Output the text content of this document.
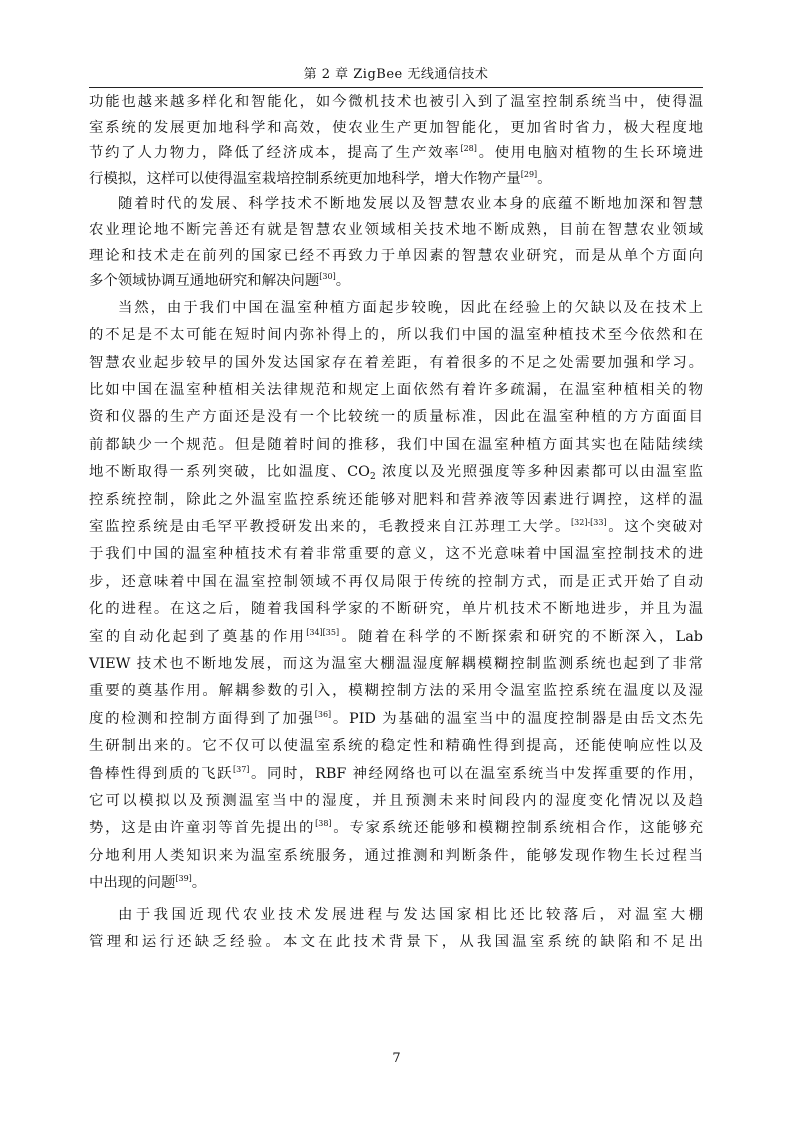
第 2 章 ZigBee 无线通信技术

功能也越来越多样化和智能化，如今微机技术也被引入到了温室控制系统当中，使得温
室系统的发展更加地科学和高效，使农业生产更加智能化，更加省时省力，极大程度地
节约了人力物力，降低了经济成本，提高了生产效率[28]。使用电脑对植物的生长环境进
行模拟，这样可以使得温室栽培控制系统更加地科学，增大作物产量[29]。

随着时代的发展、科学技术不断地发展以及智慧农业本身的底蕴不断地加深和智慧
农业理论地不断完善还有就是智慧农业领域相关技术地不断成熟，目前在智慧农业领域
理论和技术走在前列的国家已经不再致力于单因素的智慧农业研究，而是从单个方面向
多个领域协调互通地研究和解决问题[30]。

当然，由于我们中国在温室种植方面起步较晚，因此在经验上的欠缺以及在技术上
的不足是不太可能在短时间内弥补得上的，所以我们中国的温室种植技术至今依然和在
智慧农业起步较早的国外发达国家存在着差距，有着很多的不足之处需要加强和学习。
比如中国在温室种植相关法律规范和规定上面依然有着许多疏漏，在温室种植相关的物
资和仪器的生产方面还是没有一个比较统一的质量标准，因此在温室种植的方方面面目
前都缺少一个规范。但是随着时间的推移，我们中国在温室种植方面其实也在陆陆续续
地不断取得一系列突破，比如温度、$CO_2$ 浓度以及光照强度等多种因素都可以由温室监
控系统控制，除此之外温室监控系统还能够对肥料和营养液等因素进行调控，这样的温
室监控系统是由毛罕平教授研发出来的，毛教授来自江苏理工大学。[32]-[33]。这个突破对
于我们中国的温室种植技术有着非常重要的意义，这不光意味着中国温室控制技术的进
步，还意味着中国在温室控制领域不再仅局限于传统的控制方式，而是正式开始了自动
化的进程。在这之后，随着我国科学家的不断研究，单片机技术不断地进步，并且为温
室的自动化起到了奠基的作用[34][35]。随着在科学的不断探索和研究的不断深入，Lab
VIEW 技术也不断地发展，而这为温室大棚温湿度解耦模糊控制监测系统也起到了非常
重要的奠基作用。解耦参数的引入，模糊控制方法的采用令温室监控系统在温度以及湿
度的检测和控制方面得到了加强[36]。PID 为基础的温室当中的温度控制器是由岳文杰先
生研制出来的。它不仅可以使温室系统的稳定性和精确性得到提高，还能使响应性以及
鲁棒性得到质的飞跃[37]。同时，RBF 神经网络也可以在温室系统当中发挥重要的作用，
它可以模拟以及预测温室当中的湿度，并且预测未来时间段内的湿度变化情况以及趋
势，这是由许童羽等首先提出的[38]。专家系统还能够和模糊控制系统相合作，这能够充
分地利用人类知识来为温室系统服务，通过推测和判断条件，能够发现作物生长过程当
中出现的问题[39]。

由于我国近现代农业技术发展进程与发达国家相比还比较落后，对温室大棚
管理和运行还缺乏经验。本文在此技术背景下，从我国温室系统的缺陷和不足出

7
